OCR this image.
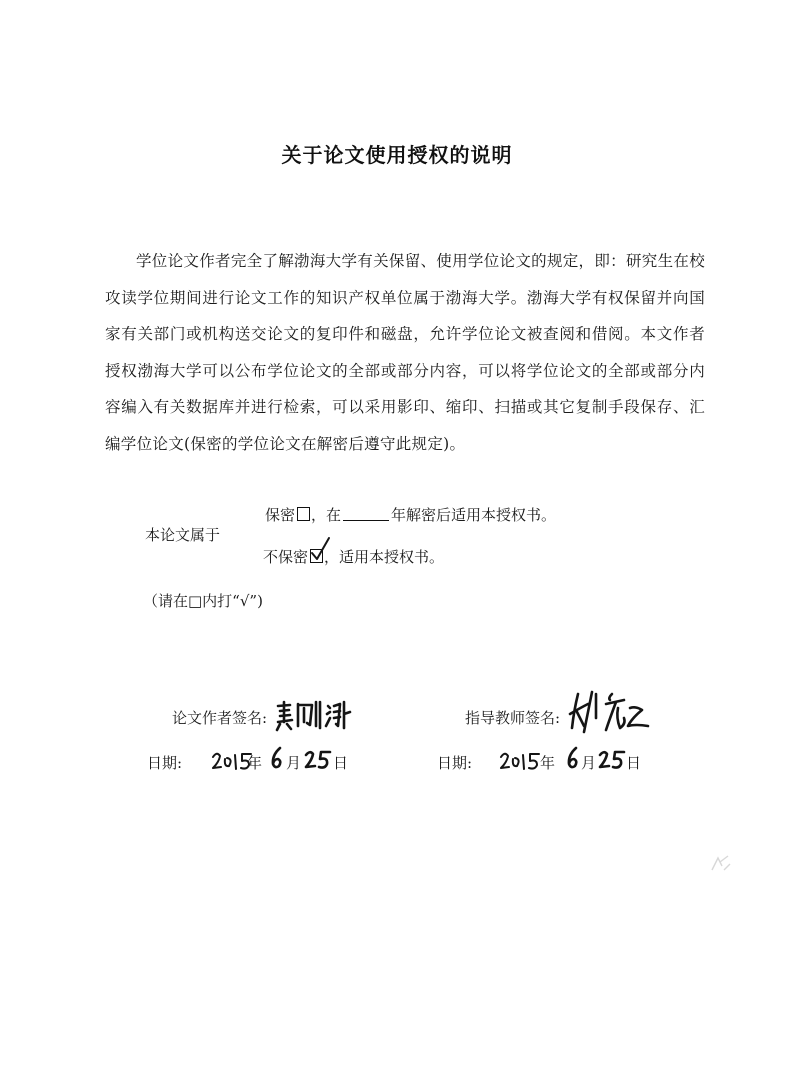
关于论文使用授权的说明
学位论文作者完全了解渤海大学有关保留、使用学位论文的规定，即：研究生在校攻读学位期间进行论文工作的知识产权单位属于渤海大学。渤海大学有权保留并向国家有关部门或机构送交论文的复印件和磁盘，允许学位论文被查阅和借阅。本文作者授权渤海大学可以公布学位论文的全部或部分内容，可以将学位论文的全部或部分内容编入有关数据库并进行检索，可以采用影印、缩印、扫描或其它复制手段保存、汇编学位论文(保密的学位论文在解密后遵守此规定)。
本论文属于
保密 ，在	年解密后适用本授权书。
不保密 ，适用本授权书。
（请在□内打“√”)
论文作者签名:
日期:	年 月 日
指导教师签名:
日期:	年 月 日
